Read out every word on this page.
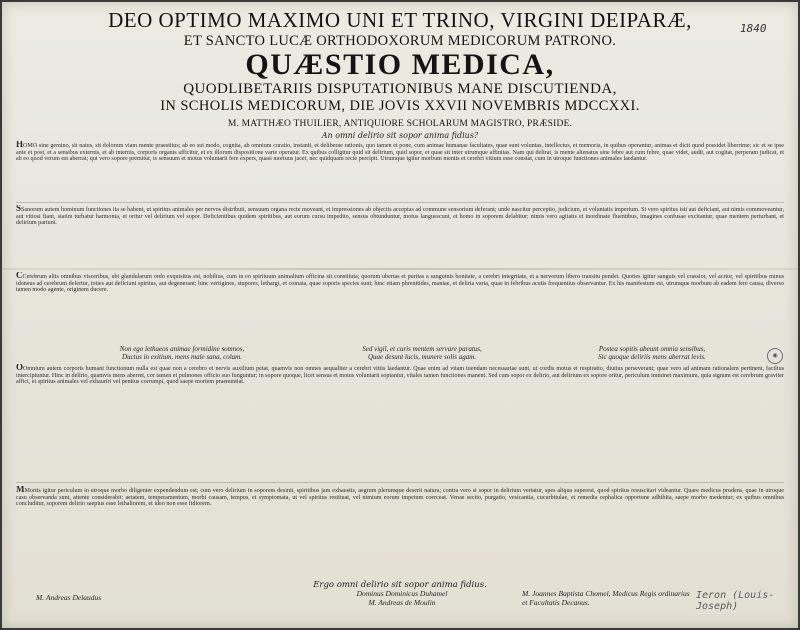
DEO OPTIMO MAXIMO UNI ET TRINO, VIRGINI DEIPARÆ,
ET SANCTO LUCÆ ORTHODOXORUM MEDICORUM PATRONO.
QUÆSTIO MEDICA,
QUODLIBETARIIS DISPUTATIONIBUS MANE DISCUTIENDA,
IN SCHOLIS MEDICORUM, DIE JOVIS XXVII NOVEMBRIS MDCCXXI.
M. MATTHÆO THUILIER, ANTIQUIORE SCHOLARUM MAGISTRO, PRÆSIDE.
1840
An omni delirio sit sopor anima fidius?

HOMO sine gemino, sit natus, sit dolorum viam mente praestitus; ab eo sui modo, cognita, ab omnium curatio, instanti, et deliberae rationis, quo tamen et pone, cum animae humanae facultates, quae sunt voluntas, intellectus, et memoria, in quibus operantur, animas et dicit quod possidet liberrime; sic et se ipse ante et post, et a sensibus externis, et ab internis, corporis organis afficitur, et ex illorum dispositione varie operatur. Ex quibus colligitur quid sit delirium, quid sopor, et quae sit inter utrumque affinitas. Nam qui delirat, is mente alienatus sine febre aut cum febre, quae videt, audit, aut cogitat, perperam judicat, et ab eo quod verum est aberrat; qui vero sopore premitur, is sensuum et motus voluntarii fere expers, quasi mortuus jacet, nec quidquam recte percipit. Utrumque igitur morbum mentis et cerebri vitium esse constat, cum in utroque functiones animales laedantur.

SSanorum autem hominum functiones ita se habent, ut spiritus animales per nervos distributi, sensuum organa recte moveant, et impressiones ab objectis acceptas ad commune sensorium deferant; unde nascitur perceptio, judicium, et voluntatis imperium. Si vero spiritus isti aut deficiant, aut nimis commoveantur, aut vitiosi fiant, statim turbatur harmonia, et oritur vel delirium vel sopor. Deficientibus quidem spiritibus, aut eorum cursu impedito, sensus obtunduntur, motus languescunt, et homo in soporem delabitur; nimis vero agitatis et inordinate fluentibus, imagines confusae excitantur, quae mentem perturbant, et delirium pariunt.

CCerebrum aliis omnibus visceribus, ubi glandularum ordo exquisitus est, nobilius, cum in eo spirituum animalium officina sit constituta; quorum ubertas et puritas a sanguinis bonitate, a cerebri integritate, et a nervorum libero transitu pendet. Quoties igitur sanguis vel crassior, vel acrior, vel spiritibus minus idoneus ad cerebrum defertur, toties aut deficiunt spiritus, aut degenerant; hinc vertigines, stupores, lethargi, et comata, quae soporis species sunt; hinc etiam phrenitides, maniae, et deliria varia, quae in febribus acutis frequentius observantur. Ex his manifestum est, utrumque morbum ab eadem fere causa, diverso tamen modo agente, originem ducere.

Non ego lethaeos animae formidine somnos,
Ductus in exitium, mens male sana, colam.
Sed vigil, et curis mentem servare paratus,
Quae desunt lucis, munere solis agam.
Postea sopitis abeunt omnia sensibus,
Sic quoque deliriis mens aberrat levis.	◉

OOmnium autem corporis humani functionum nulla est quae non a cerebro et nervis auxilium petat, quamvis non omnes aequaliter a cerebri vitiis laedantur. Quae enim ad vitam tuendam necessariae sunt, ut cordis motus et respiratio, diutius perseverant; quae vero ad animam rationalem pertinent, facilius intercipiuntur. Hinc in delirio, quamvis mens aberret, cor tamen et pulmones officio suo funguntur; in sopore quoque, licet sensus et motus voluntarii sopiantur, vitales tamen functiones manent. Sed cum sopor ex delirio, aut delirium ex sopore oritur, periculum imminet maximum, quia signum est cerebrum graviter affici, et spiritus animales vel exhauriri vel penitus corrumpi, quod saepe mortem praenuntiat.

MMortis igitur periculum in utroque morbo diligenter expendendum est; cum vero delirium in soporem desinit, spiritibus jam exhaustis, aegrum plerumque deserit natura; contra vero si sopor in delirium vertatur, spes aliqua superest, quod spiritus resuscitari videantur. Quare medicus prudens, quae in utroque casu observanda sunt, attente considerabit: aetatem, temperamentum, morbi causam, tempus, et symptomata, ut vel spiritus restituat, vel nimium eorum impetum coerceat. Venae sectio, purgatio, vesicantia, cucurbitulae, et remedia cephalica opportune adhibita, saepe morbo medentur; ex quibus omnibus concluditur, soporem delirio saepius esse lethaliorem, et ideo non esse fidiorem.

Ergo omni delirio sit sopor anima fidius.
M. Andreas Delaudus	Dominus Dominicus Duhamel
M. Andreas de Moulin
M. Joannes Baptista Chomel, Medicus Regis ordinarius
et Facultatis Decanus.
Ieron (Louis-Joseph)
